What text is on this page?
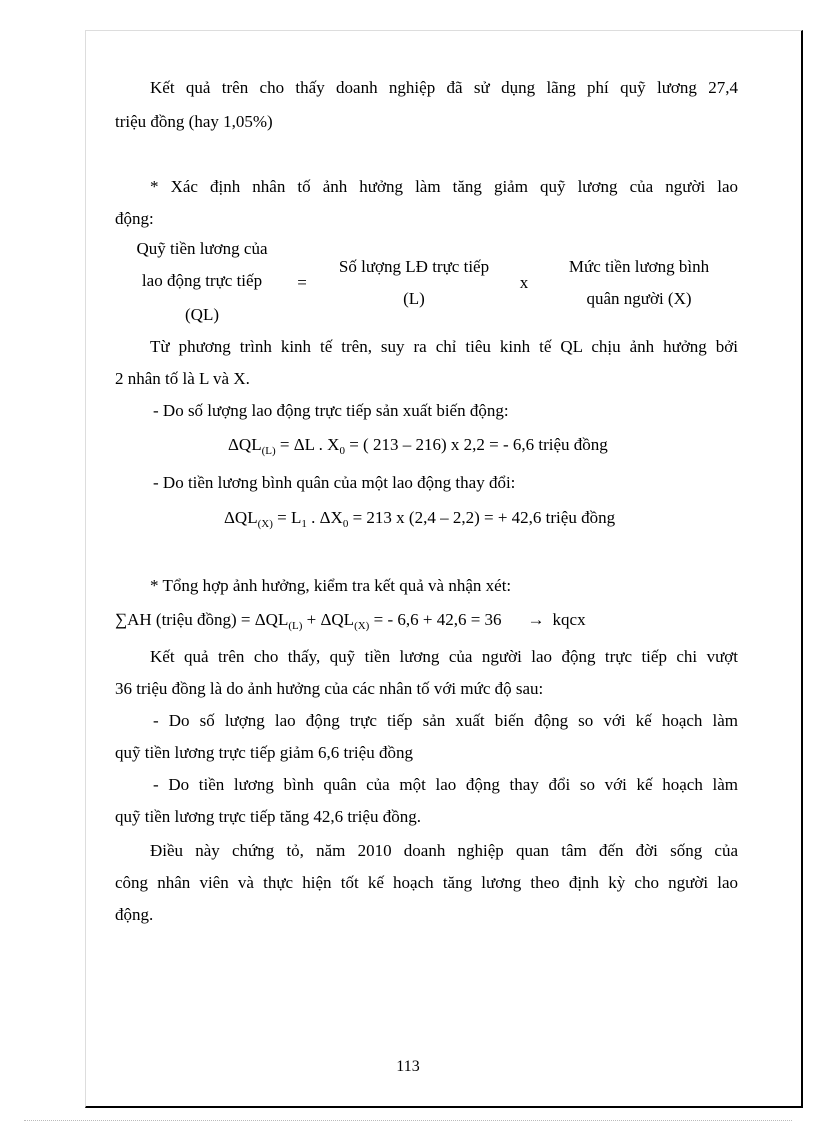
Kết quả trên cho thấy doanh nghiệp đã sử dụng lãng phí quỹ lương 27,4
triệu đồng (hay 1,05%)
* Xác định nhân tố ảnh hưởng làm tăng giảm quỹ lương của người lao
động:
Quỹ tiền lương của
lao động trực tiếp
(QL)
=
Số lượng LĐ trực tiếp
(L)
x
Mức tiền lương bình
quân người (X)
Từ phương trình kinh tế trên, suy ra chỉ tiêu kinh tế QL chịu ảnh hưởng bởi
2 nhân tố là L và X.
- Do số lượng lao động trực tiếp sản xuất biến động:
$\Delta QL_{(L)} = \Delta L$ . $X_0$ = ( 213 – 216) x 2,2 = - 6,6 triệu đồng
- Do tiền lương bình quân của một lao động thay đổi:
$\Delta QL_{(X)} = L_1$ . $\Delta X_0 = 213$ x (2,4 – 2,2) = + 42,6 triệu đồng
* Tổng hợp ảnh hưởng, kiểm tra kết quả và nhận xét:
∑AH (triệu đồng) = $\Delta QL_{(L)} + \Delta QL_{(X)}$ = - 6,6 + 42,6 = 36 → kqcx
Kết quả trên cho thấy, quỹ tiền lương của người lao động trực tiếp chi vượt
36 triệu đồng là do ảnh hưởng của các nhân tố với mức độ sau:
- Do số lượng lao động trực tiếp sản xuất biến động so với kế hoạch làm
quỹ tiền lương trực tiếp giảm 6,6 triệu đồng
- Do tiền lương bình quân của một lao động thay đổi so với kế hoạch làm
quỹ tiền lương trực tiếp tăng 42,6 triệu đồng.
Điều này chứng tỏ, năm 2010 doanh nghiệp quan tâm đến đời sống của
công nhân viên và thực hiện tốt kế hoạch tăng lương theo định kỳ cho người lao
động.
113
